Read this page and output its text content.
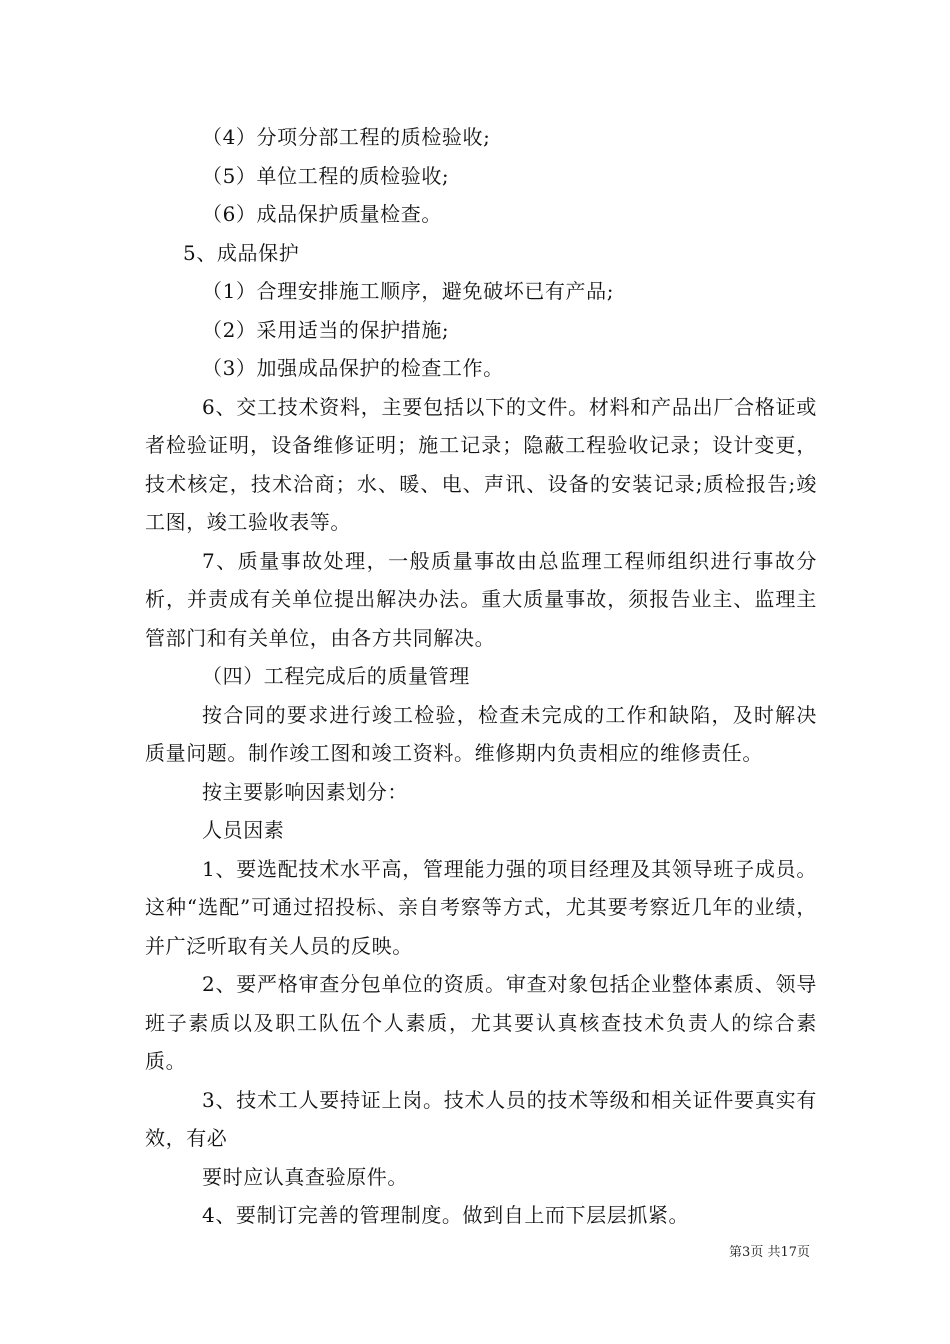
（4）分项分部工程的质检验收;

（5）单位工程的质检验收;

（6）成品保护质量检查。

5、成品保护

（1）合理安排施工顺序，避免破坏已有产品;

（2）采用适当的保护措施;

（3）加强成品保护的检查工作。

6、交工技术资料，主要包括以下的文件。材料和产品出厂合格证或者检验证明，设备维修证明；施工记录；隐蔽工程验收记录；设计变更，技术核定，技术洽商；水、暖、电、声讯、设备的安装记录;质检报告;竣工图，竣工验收表等。

7、质量事故处理，一般质量事故由总监理工程师组织进行事故分析，并责成有关单位提出解决办法。重大质量事故，须报告业主、监理主管部门和有关单位，由各方共同解决。

（四）工程完成后的质量管理

按合同的要求进行竣工检验，检查未完成的工作和缺陷，及时解决质量问题。制作竣工图和竣工资料。维修期内负责相应的维修责任。

按主要影响因素划分：

人员因素

1、要选配技术水平高，管理能力强的项目经理及其领导班子成员。这种“选配”可通过招投标、亲自考察等方式，尤其要考察近几年的业绩，并广泛听取有关人员的反映。

2、要严格审查分包单位的资质。审查对象包括企业整体素质、领导班子素质以及职工队伍个人素质，尤其要认真核查技术负责人的综合素质。

3、技术工人要持证上岗。技术人员的技术等级和相关证件要真实有效，有必

要时应认真查验原件。

4、要制订完善的管理制度。做到自上而下层层抓紧。

第3页 共17页
